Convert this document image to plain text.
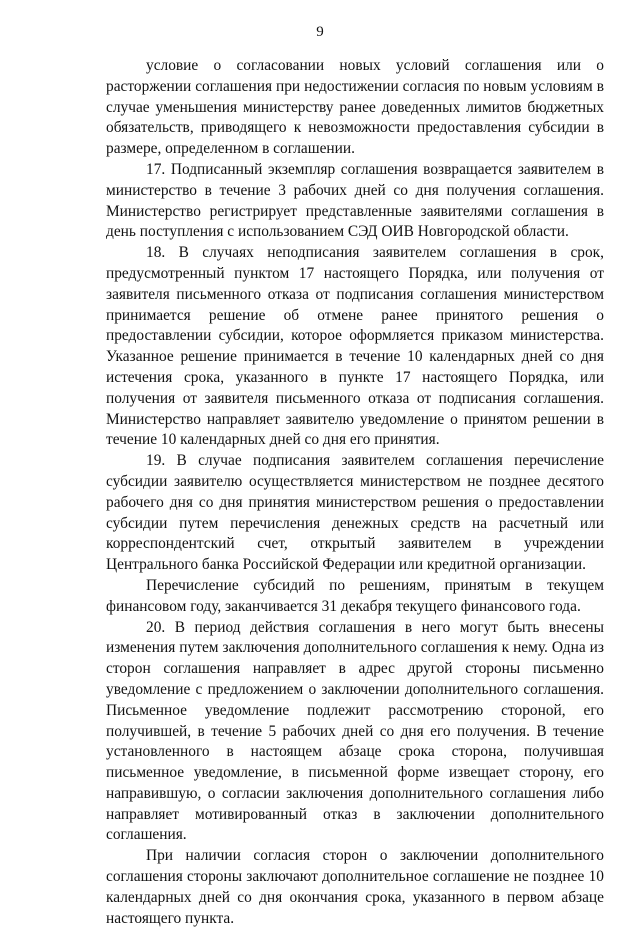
9

условие о согласовании новых условий соглашения или о расторжении соглашения при недостижении согласия по новым условиям в случае уменьшения министерству ранее доведенных лимитов бюджетных обязательств, приводящего к невозможности предоставления субсидии в размере, определенном в соглашении.

17. Подписанный экземпляр соглашения возвращается заявителем в министерство в течение 3 рабочих дней со дня получения соглашения. Министерство регистрирует представленные заявителями соглашения в день поступления с использованием СЭД ОИВ Новгородской области.

18. В случаях неподписания заявителем соглашения в срок, предусмотренный пунктом 17 настоящего Порядка, или получения от заявителя письменного отказа от подписания соглашения министерством принимается решение об отмене ранее принятого решения о предоставлении субсидии, которое оформляется приказом министерства. Указанное решение принимается в течение 10 календарных дней со дня истечения срока, указанного в пункте 17 настоящего Порядка, или получения от заявителя письменного отказа от подписания соглашения. Министерство направляет заявителю уведомление о принятом решении в течение 10 календарных дней со дня его принятия.

19. В случае подписания заявителем соглашения перечисление субсидии заявителю осуществляется министерством не позднее десятого рабочего дня со дня принятия министерством решения о предоставлении субсидии путем перечисления денежных средств на расчетный или корреспондентский счет, открытый заявителем в учреждении Центрального банка Российской Федерации или кредитной организации.

Перечисление субсидий по решениям, принятым в текущем финансовом году, заканчивается 31 декабря текущего финансового года.

20. В период действия соглашения в него могут быть внесены изменения путем заключения дополнительного соглашения к нему. Одна из сторон соглашения направляет в адрес другой стороны письменно уведомление с предложением о заключении дополнительного соглашения. Письменное уведомление подлежит рассмотрению стороной, его получившей, в течение 5 рабочих дней со дня его получения. В течение установленного в настоящем абзаце срока сторона, получившая письменное уведомление, в письменной форме извещает сторону, его направившую, о согласии заключения дополнительного соглашения либо направляет мотивированный отказ в заключении дополнительного соглашения.

При наличии согласия сторон о заключении дополнительного соглашения стороны заключают дополнительное соглашение не позднее 10 календарных дней со дня окончания срока, указанного в первом абзаце настоящего пункта.
